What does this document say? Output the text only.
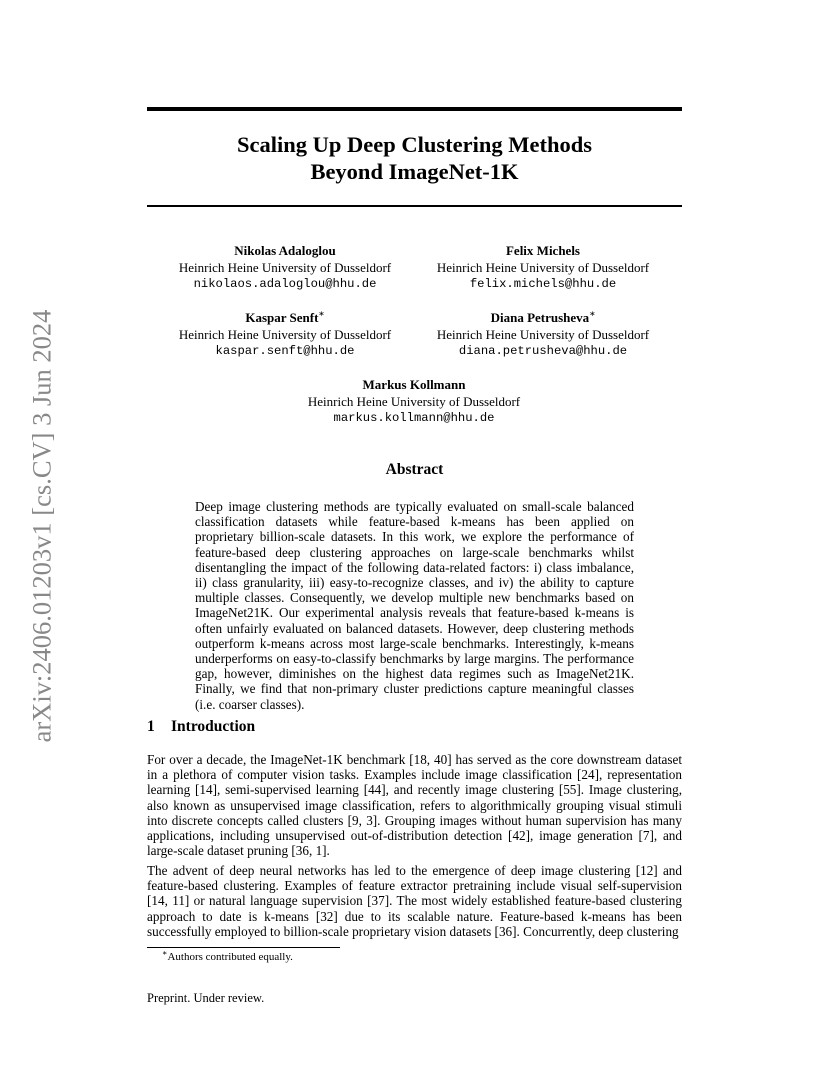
arXiv:2406.01203v1 [cs.CV] 3 Jun 2024
Scaling Up Deep Clustering Methods
Beyond ImageNet-1K
Nikolas Adaloglou
Heinrich Heine University of Dusseldorf
nikolaos.adaloglou@hhu.de
Felix Michels
Heinrich Heine University of Dusseldorf
felix.michels@hhu.de
Kaspar Senft∗
Heinrich Heine University of Dusseldorf
kaspar.senft@hhu.de
Diana Petrusheva∗
Heinrich Heine University of Dusseldorf
diana.petrusheva@hhu.de
Markus Kollmann
Heinrich Heine University of Dusseldorf
markus.kollmann@hhu.de
Abstract
Deep image clustering methods are typically evaluated on small-scale balanced classification datasets while feature-based k-means has been applied on proprietary billion-scale datasets. In this work, we explore the performance of feature-based deep clustering approaches on large-scale benchmarks whilst disentangling the impact of the following data-related factors: i) class imbalance, ii) class granularity, iii) easy-to-recognize classes, and iv) the ability to capture multiple classes. Consequently, we develop multiple new benchmarks based on ImageNet21K. Our experimental analysis reveals that feature-based k-means is often unfairly evaluated on balanced datasets. However, deep clustering methods outperform k-means across most large-scale benchmarks. Interestingly, k-means underperforms on easy-to-classify benchmarks by large margins. The performance gap, however, diminishes on the highest data regimes such as ImageNet21K. Finally, we find that non-primary cluster predictions capture meaningful classes (i.e. coarser classes).
1 Introduction
For over a decade, the ImageNet-1K benchmark [18, 40] has served as the core downstream dataset in a plethora of computer vision tasks. Examples include image classification [24], representation learning [14], semi-supervised learning [44], and recently image clustering [55]. Image clustering, also known as unsupervised image classification, refers to algorithmically grouping visual stimuli into discrete concepts called clusters [9, 3]. Grouping images without human supervision has many applications, including unsupervised out-of-distribution detection [42], image generation [7], and large-scale dataset pruning [36, 1].
The advent of deep neural networks has led to the emergence of deep image clustering [12] and feature-based clustering. Examples of feature extractor pretraining include visual self-supervision [14, 11] or natural language supervision [37]. The most widely established feature-based clustering approach to date is k-means [32] due to its scalable nature. Feature-based k-means has been successfully employed to billion-scale proprietary vision datasets [36]. Concurrently, deep clustering
∗Authors contributed equally.
Preprint. Under review.
